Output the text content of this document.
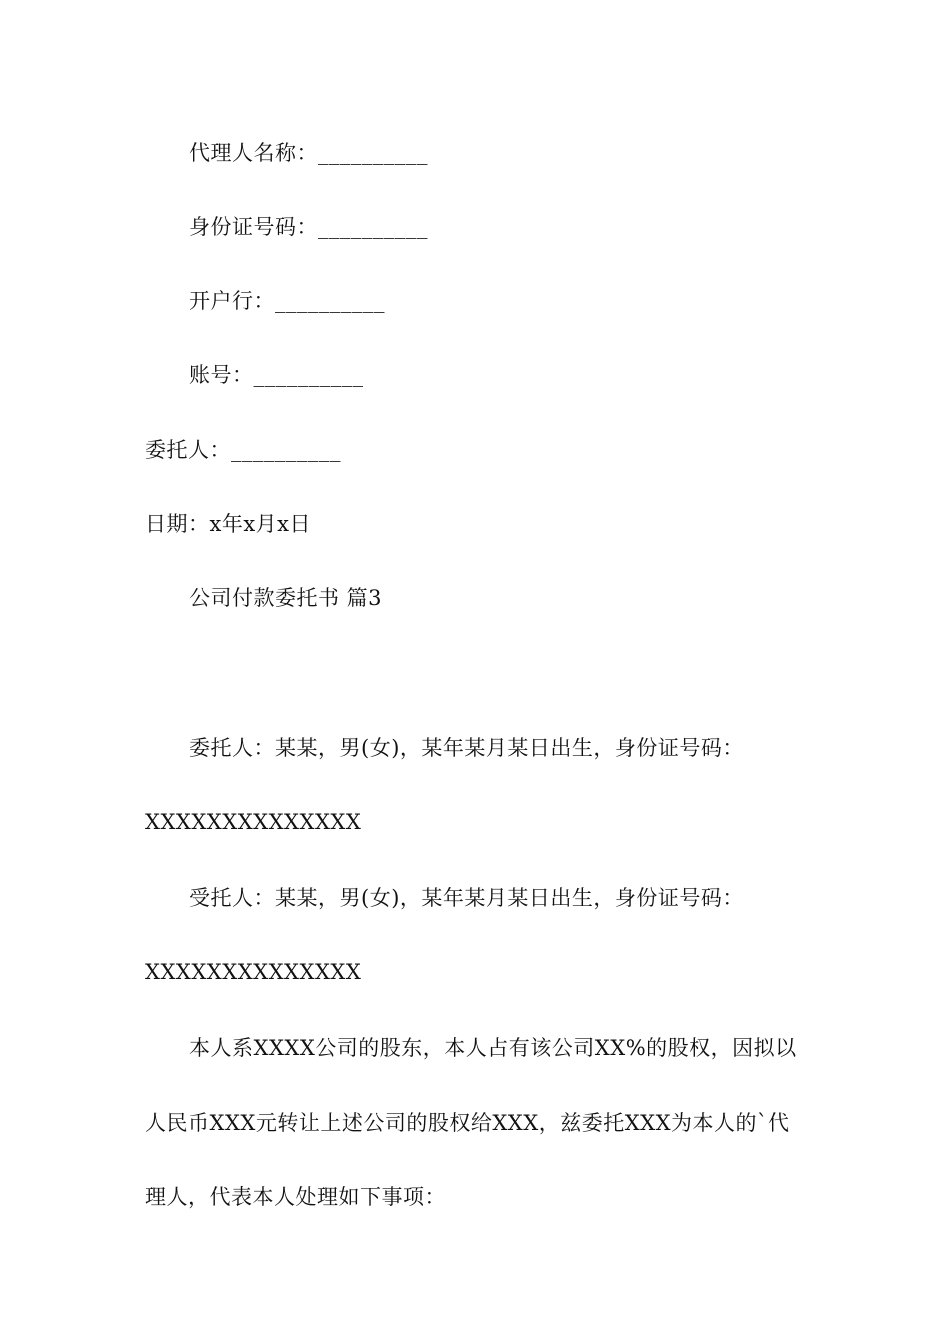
代理人名称：__________
身份证号码：__________
开户行：__________
账号：__________
委托人：__________
日期：x年x月x日
公司付款委托书 篇3
委托人：某某，男(女)，某年某月某日出生，身份证号码：
XXXXXXXXXXXXXX
受托人：某某，男(女)，某年某月某日出生，身份证号码：
XXXXXXXXXXXXXX
本人系XXXX公司的股东，本人占有该公司XX%的股权，因拟以
人民币XXX元转让上述公司的股权给XXX，兹委托XXX为本人的`代
理人，代表本人处理如下事项：
